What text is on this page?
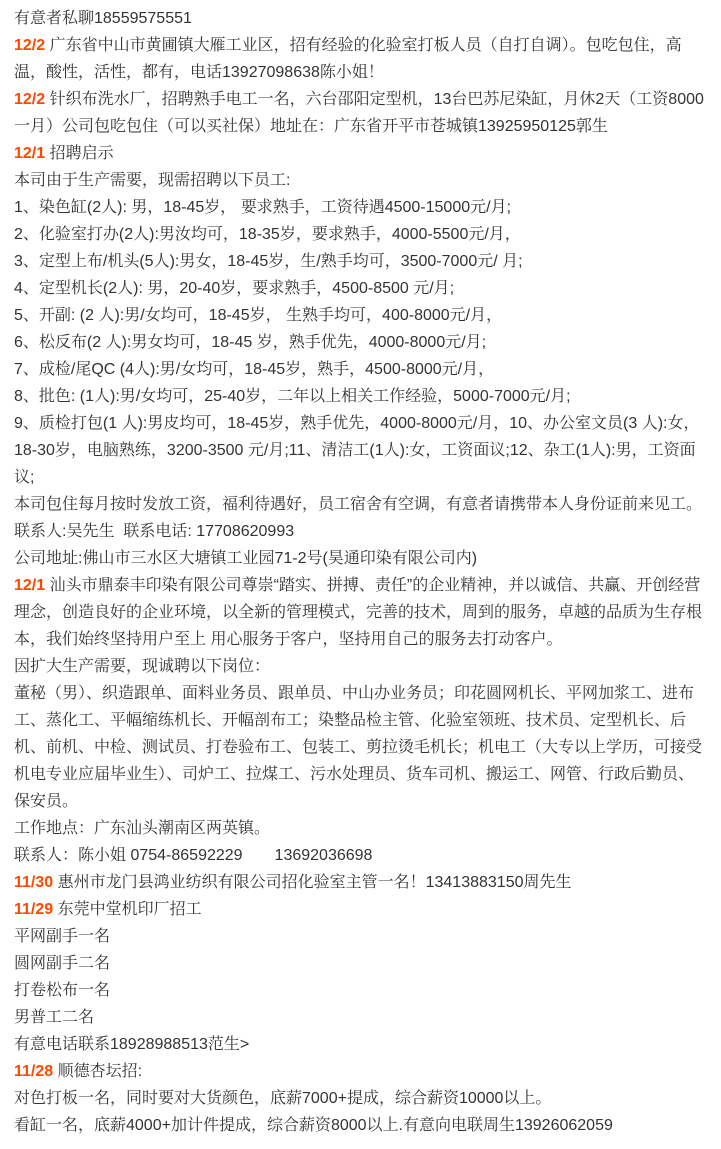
有意者私聊18559575551

12/2 广东省中山市黄圃镇大雁工业区，招有经验的化验室打板人员（自打自调）。包吃包住，高温，酸性，活性，都有，电话13927098638陈小姐！

12/2 针织布洗水厂，招聘熟手电工一名，六台邵阳定型机，13台巴苏尼染缸，月休2天（工资8000一月）公司包吃包住（可以买社保）地址在：广东省开平市苍城镇13925950125郭生

12/1 招聘启示

本司由于生产需要，现需招聘以下员工:

1、染色缸(2人): 男，18-45岁， 要求熟手，工资待遇4500-15000元/月;

2、化验室打办(2人):男汝均可，18-35岁，要求熟手，4000-5500元/月，

3、定型上布/机头(5人):男女，18-45岁，生/熟手均可，3500-7000元/ 月;

4、定型机长(2人): 男，20-40岁，要求熟手，4500-8500 元/月;

5、开副: (2 人):男/女均可，18-45岁， 生熟手均可，400-8000元/月，

6、松反布(2 人):男女均可，18-45 岁，熟手优先，4000-8000元/月;

7、成检/尾QC (4人):男/女均可，18-45岁，熟手，4500-8000元/月，

8、批色: (1人):男/女均可，25-40岁，二年以上相关工作经验，5000-7000元/月;

9、质检打包(1 人):男皮均可，18-45岁，熟手优先，4000-8000元/月，10、办公室文员(3 人):女，18-30岁，电脑熟练，3200-3500 元/月;11、清洁工(1人):女，工资面议;12、杂工(1人):男，工资面议;

本司包住每月按时发放工资，福利待遇好，员工宿舍有空调，有意者请携带本人身份证前来见工。

联系人:吴先生  联系电话: 17708620993

公司地址:佛山市三水区大塘镇工业园71-2号(昊通印染有限公司内)

12/1 汕头市鼎泰丰印染有限公司尊崇“踏实、拼搏、责任”的企业精神，并以诚信、共赢、开创经营理念，创造良好的企业环境，以全新的管理模式，完善的技术，周到的服务，卓越的品质为生存根本，我们始终坚持用户至上 用心服务于客户，坚持用自己的服务去打动客户。

因扩大生产需要，现诚聘以下岗位：

董秘（男）、织造跟单、面料业务员、跟单员、中山办业务员；印花圆网机长、平网加浆工、进布工、蒸化工、平幅缩练机长、开幅剖布工；染整品检主管、化验室领班、技术员、定型机长、后机、前机、中检、测试员、打卷验布工、包装工、剪拉烫毛机长；机电工（大专以上学历，可接受机电专业应届毕业生）、司炉工、拉煤工、污水处理员、货车司机、搬运工、网管、行政后勤员、保安员。

工作地点：广东汕头潮南区两英镇。

联系人：陈小姐 0754-86592229　　13692036698

11/30 惠州市龙门县鸿业纺织有限公司招化验室主管一名！13413883150周先生

11/29 东莞中堂机印厂招工

平网副手一名

圆网副手二名

打卷松布一名

男普工二名

有意电话联系18928988513范生>

11/28 顺德杏坛招:

对色打板一名，同时要对大货颜色，底薪7000+提成，综合薪资10000以上。

看缸一名，底薪4000+加计件提成，综合薪资8000以上.有意向电联周生13926062059
